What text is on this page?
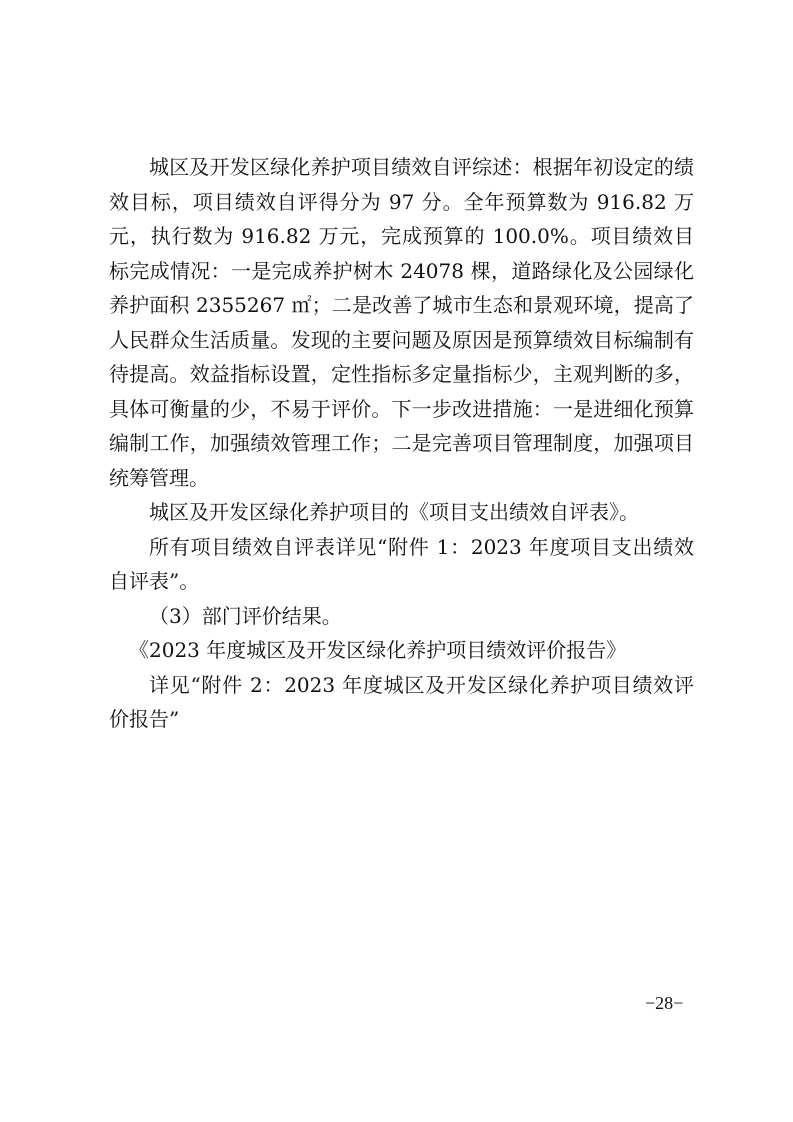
城区及开发区绿化养护项目绩效自评综述：根据年初设定的绩效目标，项目绩效自评得分为 97 分。全年预算数为 916.82 万元，执行数为 916.82 万元，完成预算的 100.0%。项目绩效目标完成情况：一是完成养护树木 24078 棵，道路绿化及公园绿化养护面积 2355267 ㎡；二是改善了城市生态和景观环境，提高了人民群众生活质量。发现的主要问题及原因是预算绩效目标编制有待提高。效益指标设置，定性指标多定量指标少，主观判断的多，具体可衡量的少，不易于评价。下一步改进措施：一是进细化预算编制工作，加强绩效管理工作；二是完善项目管理制度，加强项目统筹管理。

城区及开发区绿化养护项目的《项目支出绩效自评表》。

所有项目绩效自评表详见“附件 1：2023 年度项目支出绩效自评表”。

（3）部门评价结果。

《2023 年度城区及开发区绿化养护项目绩效评价报告》

详见“附件 2：2023 年度城区及开发区绿化养护项目绩效评价报告”

−28−
